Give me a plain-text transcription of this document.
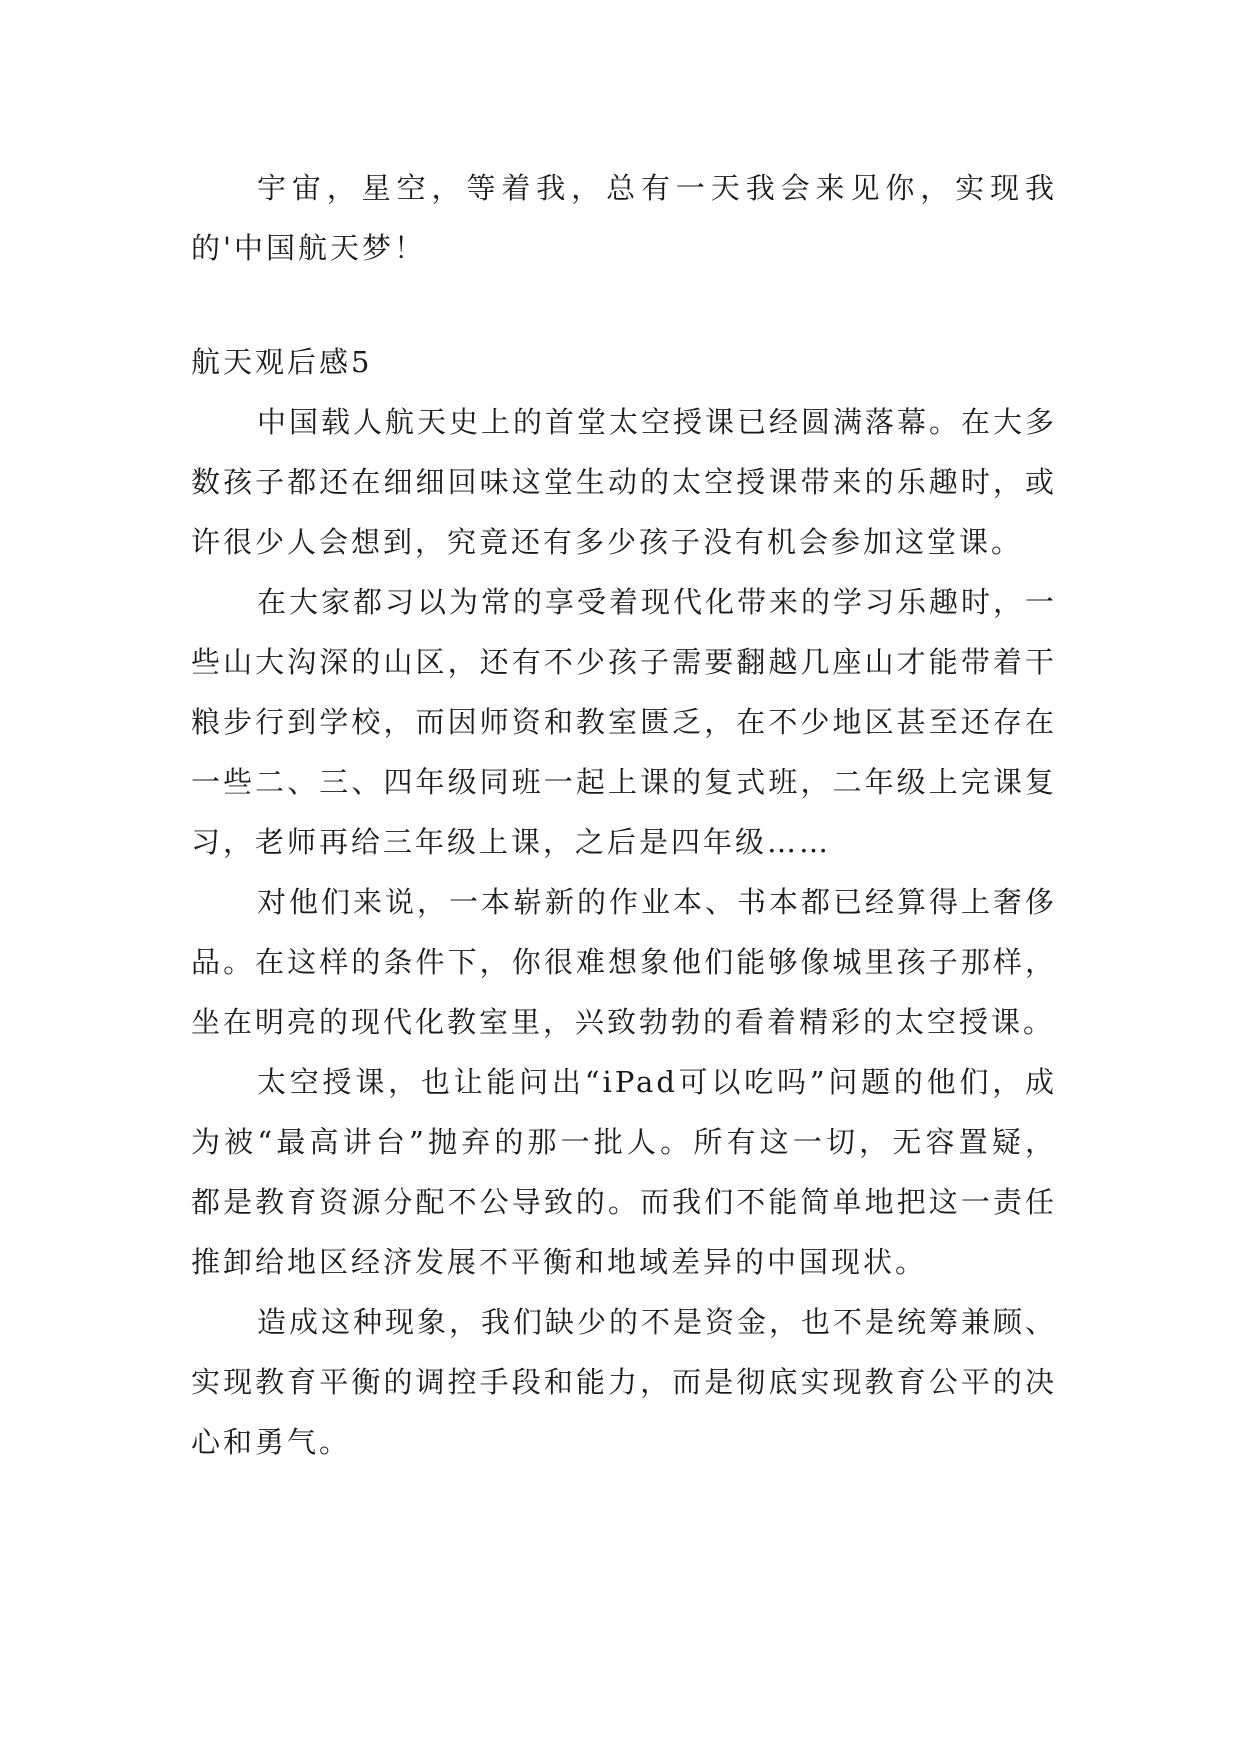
宇宙，星空，等着我，总有一天我会来见你，实现我的'中国航天梦！

航天观后感5

中国载人航天史上的首堂太空授课已经圆满落幕。在大多数孩子都还在细细回味这堂生动的太空授课带来的乐趣时，或许很少人会想到，究竟还有多少孩子没有机会参加这堂课。

在大家都习以为常的享受着现代化带来的学习乐趣时，一些山大沟深的山区，还有不少孩子需要翻越几座山才能带着干粮步行到学校，而因师资和教室匮乏，在不少地区甚至还存在一些二、三、四年级同班一起上课的复式班，二年级上完课复习，老师再给三年级上课，之后是四年级……

对他们来说，一本崭新的作业本、书本都已经算得上奢侈品。在这样的条件下，你很难想象他们能够像城里孩子那样，坐在明亮的现代化教室里，兴致勃勃的看着精彩的太空授课。

太空授课，也让能问出“iPad可以吃吗”问题的他们，成为被“最高讲台”抛弃的那一批人。所有这一切，无容置疑，都是教育资源分配不公导致的。而我们不能简单地把这一责任推卸给地区经济发展不平衡和地域差异的中国现状。

造成这种现象，我们缺少的不是资金，也不是统筹兼顾、实现教育平衡的调控手段和能力，而是彻底实现教育公平的决心和勇气。
